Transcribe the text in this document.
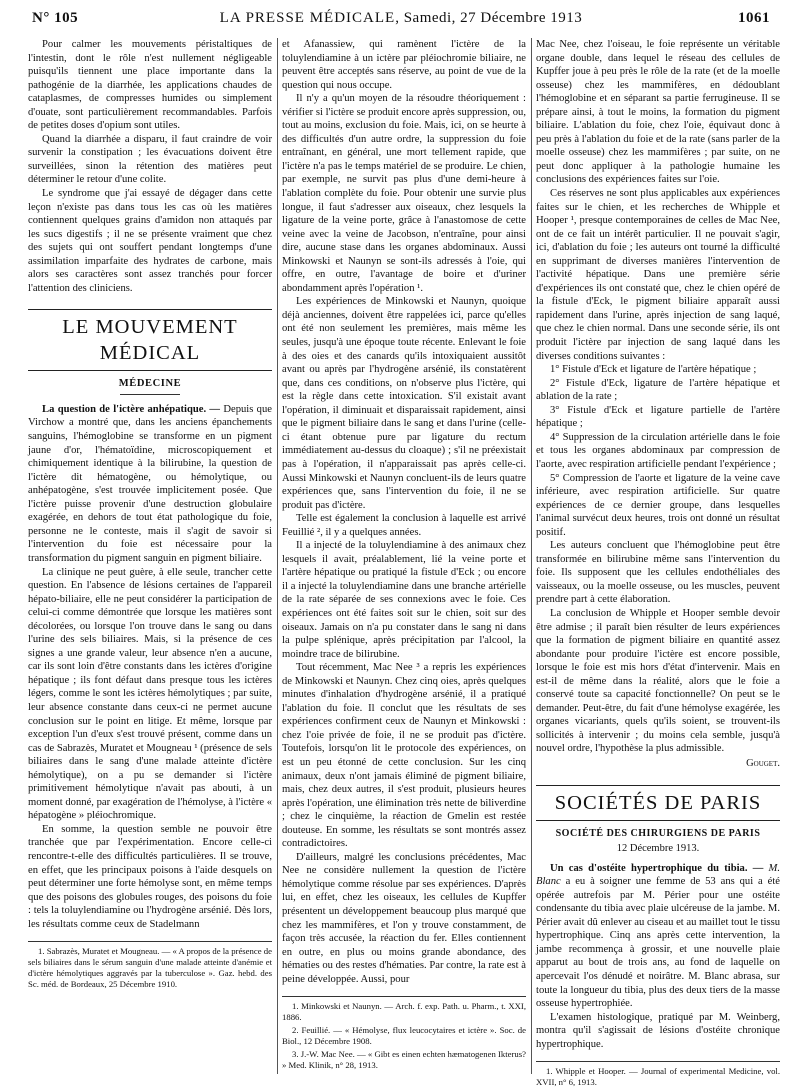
N° 105	LA PRESSE MÉDICALE, Samedi, 27 Décembre 1913	1061

Pour calmer les mouvements péristaltiques de l'intestin, dont le rôle n'est nullement négligeable puisqu'ils tiennent une place importante dans la pathogénie de la diarrhée, les applications chaudes de cataplasmes, de compresses humides ou simplement d'ouate, sont particulièrement recommandables. Parfois de petites doses d'opium sont utiles.

Quand la diarrhée a disparu, il faut craindre de voir survenir la constipation ; les évacuations doivent être surveillées, sinon la rétention des matières peut déterminer le retour d'une colite.

Le syndrome que j'ai essayé de dégager dans cette leçon n'existe pas dans tous les cas où les matières contiennent quelques grains d'amidon non attaqués par les sucs digestifs ; il ne se présente vraiment que chez des sujets qui ont souffert pendant longtemps d'une assimilation imparfaite des hydrates de carbone, mais alors ses caractères sont assez tranchés pour forcer l'attention des cliniciens.

LE MOUVEMENT MÉDICAL
MÉDECINE

La question de l'ictère anhépatique. — Depuis que Virchow a montré que, dans les anciens épanchements sanguins, l'hémoglobine se transforme en un pigment jaune d'or, l'hématoïdine, microscopiquement et chimiquement identique à la bilirubine, la question de l'ictère dit hématogène, ou hémolytique, ou anhépatogène, s'est trouvée implicitement posée. Que l'ictère puisse provenir d'une destruction globulaire exagérée, en dehors de tout état pathologique du foie, personne ne le conteste, mais il s'agit de savoir si l'intervention du foie est nécessaire pour la transformation du pigment sanguin en pigment biliaire.

La clinique ne peut guère, à elle seule, trancher cette question. En l'absence de lésions certaines de l'appareil hépato-biliaire, elle ne peut considérer la participation de celui-ci comme démontrée que lorsque les matières sont décolorées, ou lorsque l'on trouve dans le sang ou dans l'urine des sels biliaires. Mais, si la présence de ces signes a une grande valeur, leur absence n'en a aucune, car ils sont loin d'être constants dans les ictères d'origine hépatique ; ils font défaut dans presque tous les ictères légers, comme le sont les ictères hémolytiques ; par suite, leur absence constante dans ceux-ci ne permet aucune conclusion sur le point en litige. Et même, lorsque par exception l'un d'eux s'est trouvé présent, comme dans un cas de Sabrazès, Muratet et Mougneau ¹ (présence de sels biliaires dans le sang d'une malade atteinte d'ictère hémolytique), on a pu se demander si l'ictère primitivement hémolytique n'avait pas abouti, à un moment donné, par exagération de l'hémolyse, à l'ictère « hépatogène » pléiochromique.

En somme, la question semble ne pouvoir être tranchée que par l'expérimentation. Encore celle-ci rencontre-t-elle des difficultés particulières. Il se trouve, en effet, que les principaux poisons à l'aide desquels on peut déterminer une forte hémolyse sont, en même temps que des poisons des globules rouges, des poisons du foie : tels la toluylendiamine ou l'hydrogène arsénié. Dès lors, les résultats comme ceux de Stadelmann

1. Sabrazès, Muratet et Mougneau. — « A propos de la présence de sels biliaires dans le sérum sanguin d'une malade atteinte d'anémie et d'ictère hémolytiques aggravés par la tuberculose ». Gaz. hebd. des Sc. méd. de Bordeaux, 25 Décembre 1910.

et Afanassiew, qui ramènent l'ictère de la toluylendiamine à un ictère par pléiochromie biliaire, ne peuvent être acceptés sans réserve, au point de vue de la question qui nous occupe.

Il n'y a qu'un moyen de la résoudre théoriquement : vérifier si l'ictère se produit encore après suppression, ou, tout au moins, exclusion du foie. Mais, ici, on se heurte à des difficultés d'un autre ordre, la suppression du foie entraînant, en général, une mort tellement rapide, que l'ictère n'a pas le temps matériel de se produire. Le chien, par exemple, ne survit pas plus d'une demi-heure à l'ablation complète du foie. Pour obtenir une survie plus longue, il faut s'adresser aux oiseaux, chez lesquels la ligature de la veine porte, grâce à l'anastomose de cette veine avec la veine de Jacobson, n'entraîne, pour ainsi dire, aucune stase dans les organes abdominaux. Aussi Minkowski et Naunyn se sont-ils adressés à l'oie, qui offre, en outre, l'avantage de boire et d'uriner abondamment après l'opération ¹.

Les expériences de Minkowski et Naunyn, quoique déjà anciennes, doivent être rappelées ici, parce qu'elles ont été non seulement les premières, mais même les seules, jusqu'à une époque toute récente. Enlevant le foie à des oies et des canards qu'ils intoxiquaient aussitôt avant ou après par l'hydrogène arsénié, ils constatèrent que, dans ces conditions, on n'observe plus l'ictère, qui est la règle dans cette intoxication. S'il existait avant l'opération, il diminuait et disparaissait rapidement, ainsi que le pigment biliaire dans le sang et dans l'urine (celle-ci étant obtenue pure par ligature du rectum immédiatement au-dessus du cloaque) ; s'il ne préexistait pas à l'opération, il n'apparaissait pas après celle-ci. Aussi Minkowski et Naunyn concluent-ils de leurs quatre expériences que, sans l'intervention du foie, il ne se produit pas d'ictère.

Telle est également la conclusion à laquelle est arrivé Feuillié ², il y a quelques années.

Il a injecté de la toluylendiamine à des animaux chez lesquels il avait, préalablement, lié la veine porte et l'artère hépatique ou pratiqué la fistule d'Eck ; ou encore il a injecté la toluylendiamine dans une branche artérielle de la rate séparée de ses connexions avec le foie. Ces expériences ont été faites soit sur le chien, soit sur des oiseaux. Jamais on n'a pu constater dans le sang ni dans la pulpe splénique, après précipitation par l'alcool, la moindre trace de bilirubine.

Tout récemment, Mac Nee ³ a repris les expériences de Minkowski et Naunyn. Chez cinq oies, après quelques minutes d'inhalation d'hydrogène arsénié, il a pratiqué l'ablation du foie. Il conclut que les résultats de ses expériences confirment ceux de Naunyn et Minkowski : chez l'oie privée de foie, il ne se produit pas d'ictère. Toutefois, lorsqu'on lit le protocole des expériences, on est un peu étonné de cette conclusion. Sur les cinq animaux, deux n'ont jamais éliminé de pigment biliaire, mais, chez deux autres, il s'est produit, plusieurs heures après l'opération, une élimination très nette de biliverdine ; chez le cinquième, la réaction de Gmelin est restée douteuse. En somme, les résultats se sont montrés assez contradictoires.

D'ailleurs, malgré les conclusions précédentes, Mac Nee ne considère nullement la question de l'ictère hémolytique comme résolue par ses expériences. D'après lui, en effet, chez les oiseaux, les cellules de Kupffer présentent un développement beaucoup plus marqué que chez les mammifères, et l'on y trouve constamment, de façon très accusée, la réaction du fer. Elles contiennent en outre, en plus ou moins grande abondance, des hématies ou des restes d'hématies. Par contre, la rate est à peine développée. Aussi, pour

1. Minkowski et Naunyn. — Arch. f. exp. Path. u. Pharm., t. XXI, 1886.

2. Feuillié. — « Hémolyse, flux leucocytaires et ictère ». Soc. de Biol., 12 Décembre 1908.

3. J.-W. Mac Nee. — « Gibt es einen echten hæmatogenen Ikterus? » Med. Klinik, n° 28, 1913.

Mac Nee, chez l'oiseau, le foie représente un véritable organe double, dans lequel le réseau des cellules de Kupffer joue à peu près le rôle de la rate (et de la moelle osseuse) chez les mammifères, en dédoublant l'hémoglobine et en séparant sa partie ferrugineuse. Il se prépare ainsi, à tout le moins, la formation du pigment biliaire. L'ablation du foie, chez l'oie, équivaut donc à peu près à l'ablation du foie et de la rate (sans parler de la moelle osseuse) chez les mammifères ; par suite, on ne peut donc appliquer à la pathologie humaine les conclusions des expériences faites sur l'oie.

Ces réserves ne sont plus applicables aux expériences faites sur le chien, et les recherches de Whipple et Hooper ¹, presque contemporaines de celles de Mac Nee, ont de ce fait un intérêt particulier. Il ne pouvait s'agir, ici, d'ablation du foie ; les auteurs ont tourné la difficulté en supprimant de diverses manières l'intervention de l'activité hépatique. Dans une première série d'expériences ils ont constaté que, chez le chien opéré de la fistule d'Eck, le pigment biliaire apparaît aussi rapidement dans l'urine, après injection de sang laqué, que chez le chien normal. Dans une seconde série, ils ont produit l'ictère par injection de sang laqué dans les diverses conditions suivantes :

1° Fistule d'Eck et ligature de l'artère hépatique ;

2° Fistule d'Eck, ligature de l'artère hépatique et ablation de la rate ;

3° Fistule d'Eck et ligature partielle de l'artère hépatique ;

4° Suppression de la circulation artérielle dans le foie et tous les organes abdominaux par compression de l'aorte, avec respiration artificielle pendant l'expérience ;

5° Compression de l'aorte et ligature de la veine cave inférieure, avec respiration artificielle. Sur quatre expériences de ce dernier groupe, dans lesquelles l'animal survécut deux heures, trois ont donné un résultat positif.

Les auteurs concluent que l'hémoglobine peut être transformée en bilirubine même sans l'intervention du foie. Ils supposent que les cellules endothéliales des vaisseaux, ou la moelle osseuse, ou les muscles, peuvent prendre part à cette élaboration.

La conclusion de Whipple et Hooper semble devoir être admise ; il paraît bien résulter de leurs expériences que la formation de pigment biliaire en quantité assez abondante pour produire l'ictère est encore possible, lorsque le foie est mis hors d'état d'intervenir. Mais en est-il de même dans la réalité, alors que le foie a conservé toute sa capacité fonctionnelle? On peut se le demander. Peut-être, du fait d'une hémolyse exagérée, les organes vicariants, quels qu'ils soient, se trouvent-ils sollicités à intervenir ; du moins cela semble, jusqu'à nouvel ordre, l'hypothèse la plus admissible.

Gougeт.
SOCIÉTÉS DE PARIS
SOCIÉTÉ DES CHIRURGIENS DE PARIS
12 Décembre 1913.

Un cas d'ostéite hypertrophique du tibia. — M. Blanc a eu à soigner une femme de 53 ans qui a été opérée autrefois par M. Périer pour une ostéite condensante du tibia avec plaie ulcéreuse de la jambe. M. Périer avait dû enlever au ciseau et au maillet tout le tissu hypertrophique. Cinq ans après cette intervention, la jambe recommença à grossir, et une nouvelle plaie apparut au bout de trois ans, au fond de laquelle on apercevait l'os dénudé et noirâtre. M. Blanc abrasa, sur toute la longueur du tibia, plus des deux tiers de la masse osseuse hypertrophiée.

L'examen histologique, pratiqué par M. Weinberg, montra qu'il s'agissait de lésions d'ostéite chronique hypertrophique.

1. Whipple et Hooper. — Journal of experimental Medicine, vol. XVII, n° 6, 1913.
